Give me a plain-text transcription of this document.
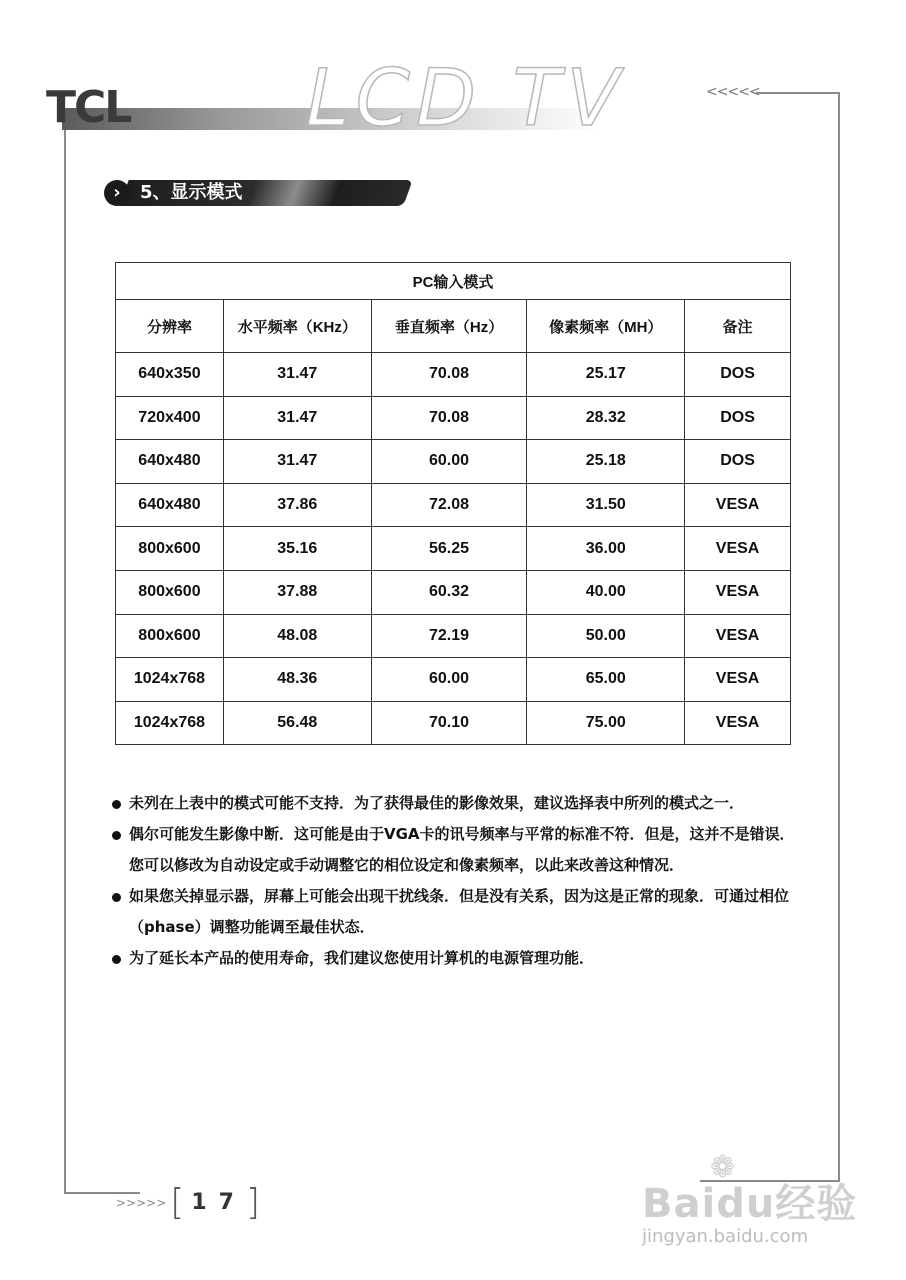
TCL LCD TV	<<<<<
›	5、显示模式
PC输入模式				
分辨率	水平频率（KHz）	垂直频率（Hz）	像素频率（MH）	备注
640x350	31.47	70.08	25.17	DOS
720x400	31.47	70.08	28.32	DOS
640x480	31.47	60.00	25.18	DOS
640x480	37.86	72.08	31.50	VESA
800x600	35.16	56.25	36.00	VESA
800x600	37.88	60.32	40.00	VESA
800x600	48.08	72.19	50.00	VESA
1024x768	48.36	60.00	65.00	VESA
1024x768	56.48	70.10	75.00	VESA
未列在上表中的模式可能不支持．为了获得最佳的影像效果，建议选择表中所列的模式之一．
偶尔可能发生影像中断．这可能是由于VGA卡的讯号频率与平常的标准不符．但是，这并不是错误．您可以修改为自动设定或手动调整它的相位设定和像素频率，以此来改善这种情况．
如果您关掉显示器，屏幕上可能会出现干扰线条．但是没有关系，因为这是正常的现象．可通过相位（phase）调整功能调至最佳状态．
为了延长本产品的使用寿命，我们建议您使用计算机的电源管理功能．
>>>>> [ 17]
❁
Baidu经验
jingyan.baidu.com
